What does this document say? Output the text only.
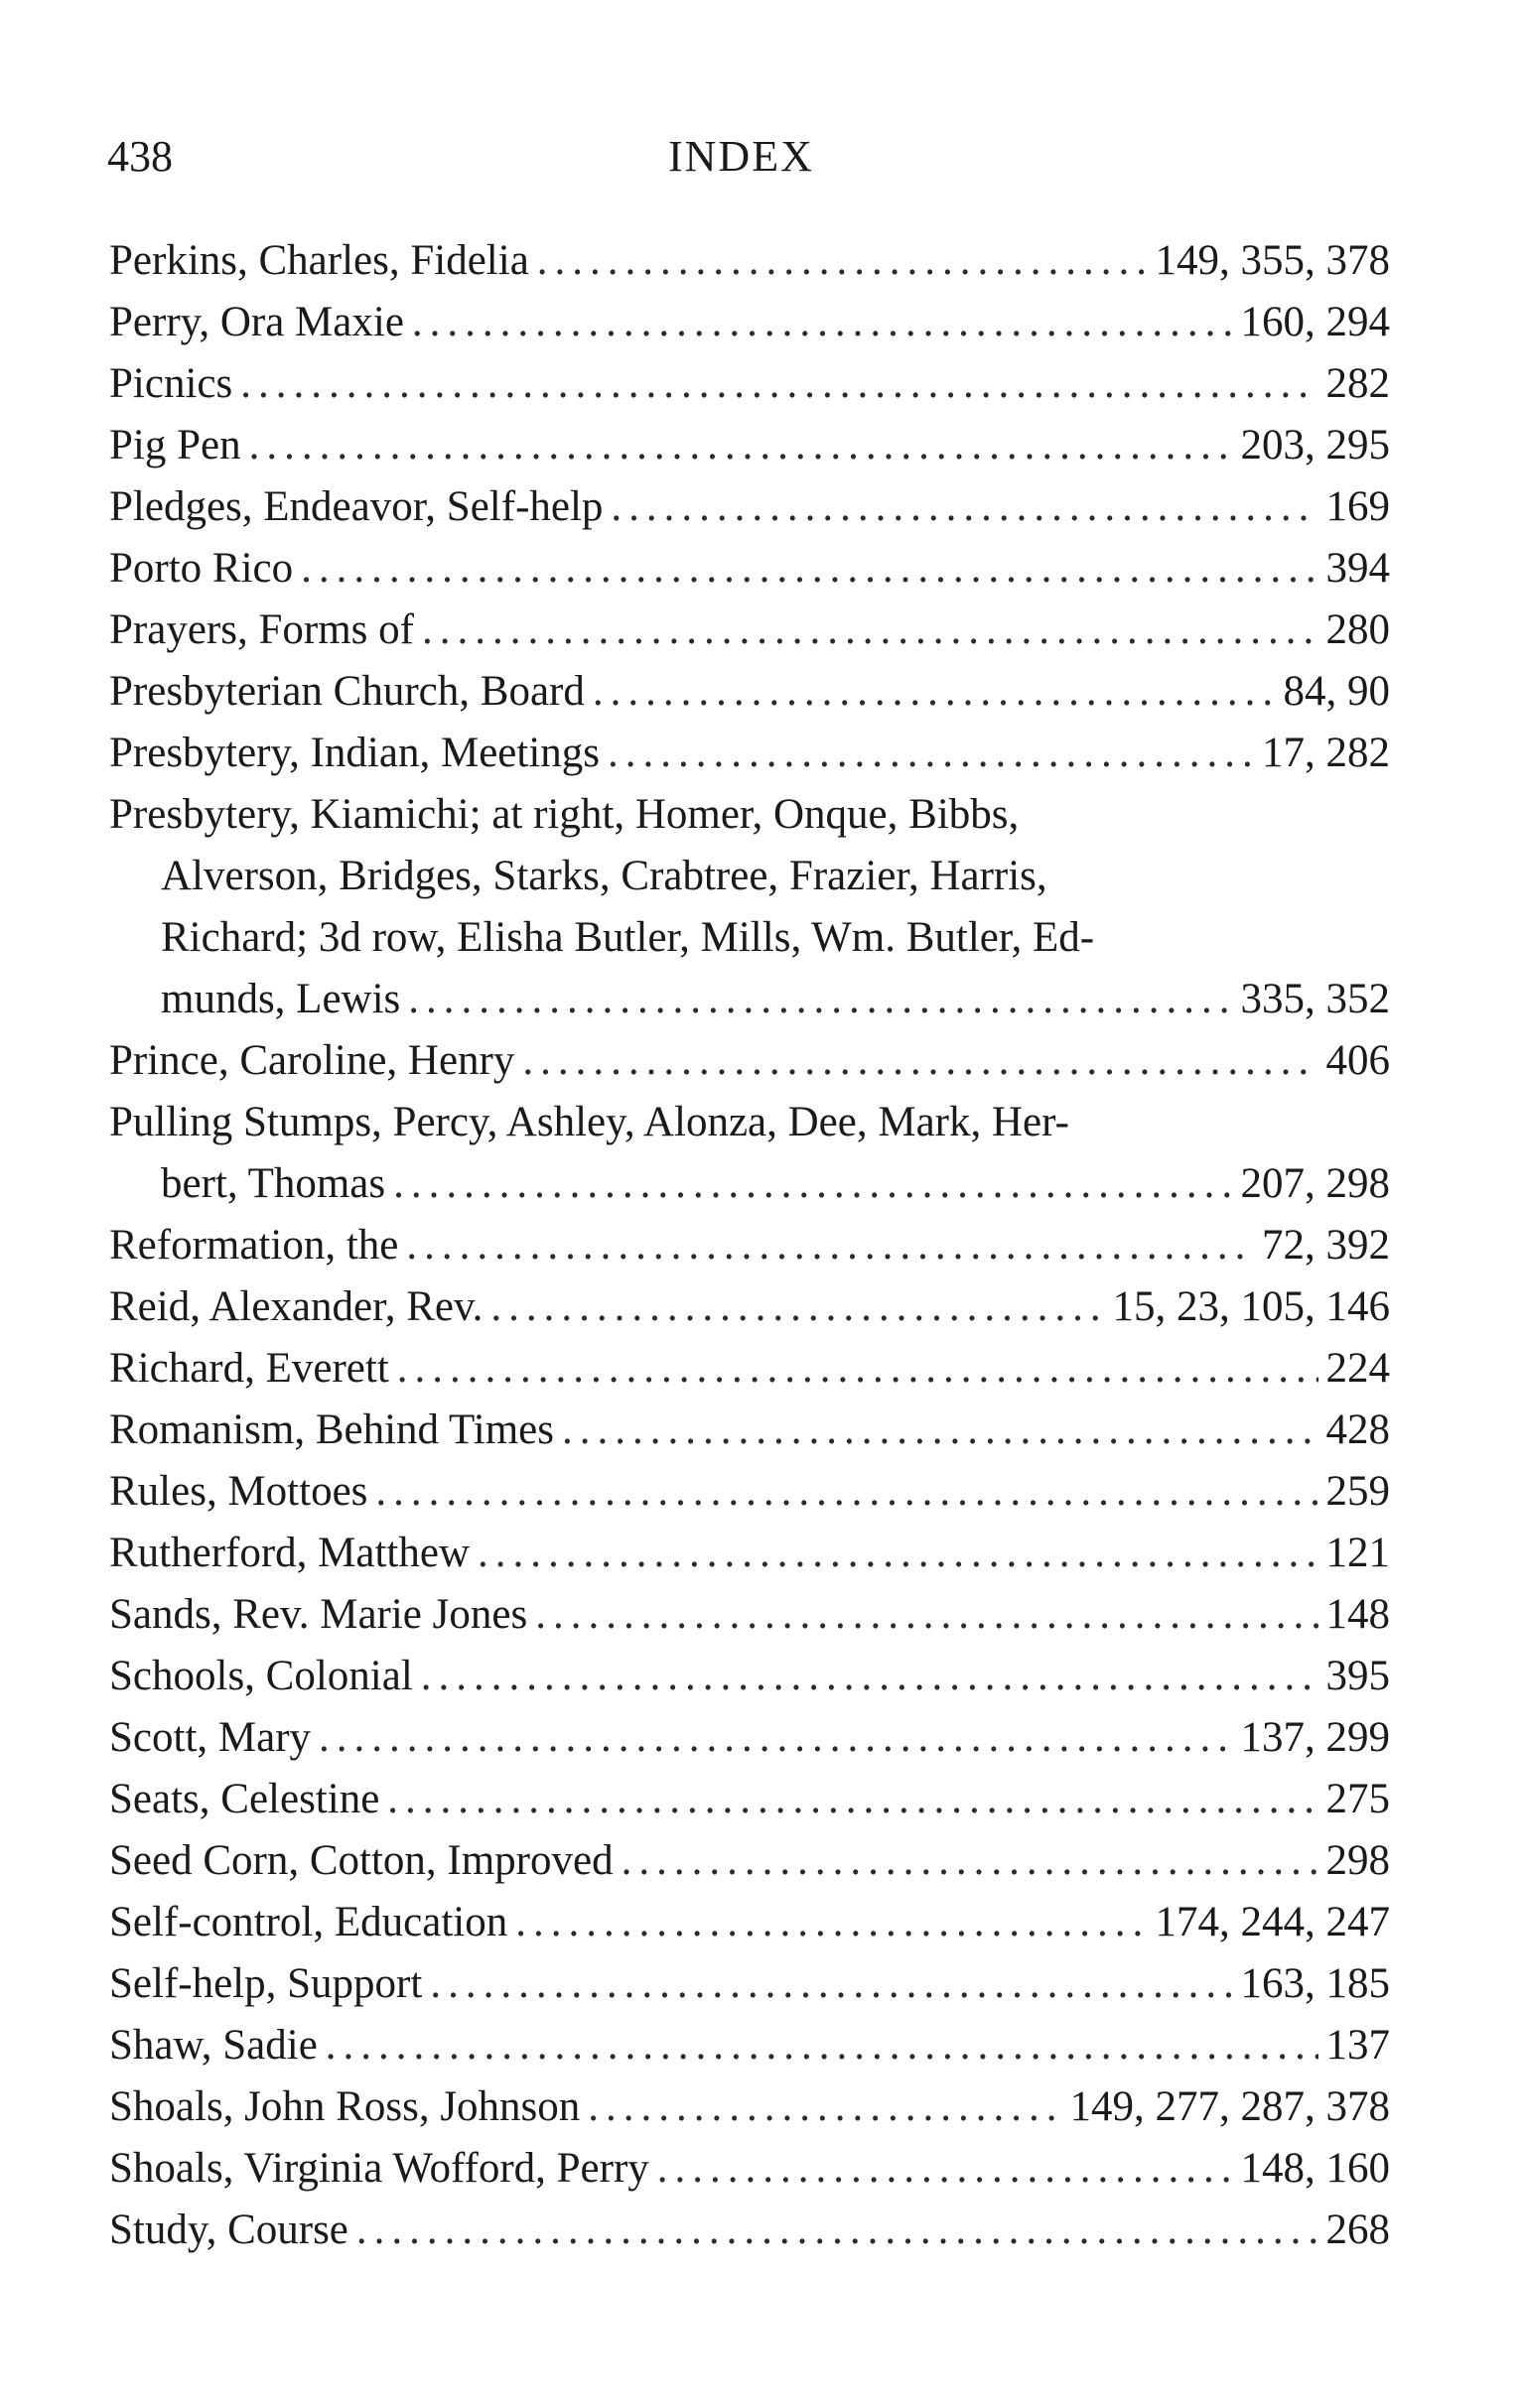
438	INDEX
Perkins, Charles, Fidelia .....	149, 355, 378
Perry, Ora Maxie .....	160, 294
Picnics .....	282
Pig Pen .....	203, 295
Pledges, Endeavor, Self-help .....	169
Porto Rico .....	394
Prayers, Forms of .....	280
Presbyterian Church, Board .....	84, 90
Presbytery, Indian, Meetings .....	17, 282
Presbytery, Kiamichi; at right, Homer, Onque, Bibbs,
Alverson, Bridges, Starks, Crabtree, Frazier, Harris,
Richard; 3d row, Elisha Butler, Mills, Wm. Butler, Ed-
munds, Lewis .....	335, 352
Prince, Caroline, Henry .....	406
Pulling Stumps, Percy, Ashley, Alonza, Dee, Mark, Her-
bert, Thomas .....	207, 298
Reformation, the .....	72, 392
Reid, Alexander, Rev. .....	15, 23, 105, 146
Richard, Everett .....	224
Romanism, Behind Times .....	428
Rules, Mottoes .....	259
Rutherford, Matthew .....	121
Sands, Rev. Marie Jones .....	148
Schools, Colonial .....	395
Scott, Mary .....	137, 299
Seats, Celestine .....	275
Seed Corn, Cotton, Improved .....	298
Self-control, Education .....	174, 244, 247
Self-help, Support .....	163, 185
Shaw, Sadie .....	137
Shoals, John Ross, Johnson .....	149, 277, 287, 378
Shoals, Virginia Wofford, Perry .....	148, 160
Study, Course .....	268
